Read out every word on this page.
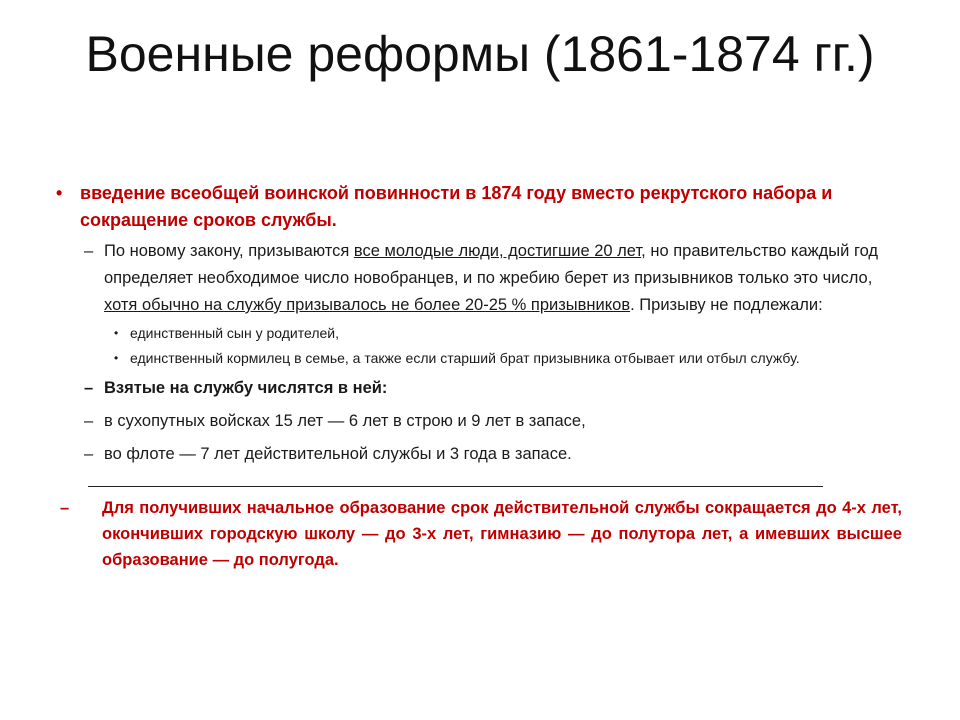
Военные реформы (1861-1874 гг.)
• введение всеобщей воинской повинности в 1874 году вместо рекрутского набора и сокращение сроков службы.
– По новому закону, призываются все молодые люди, достигшие 20 лет, но правительство каждый год определяет необходимое число новобранцев, и по жребию берет из призывников только это число, хотя обычно на службу призывалось не более 20-25 % призывников. Призыву не подлежали:
• единственный сын у родителей,
• единственный кормилец в семье, а также если старший брат призывника отбывает или отбыл службу.
– Взятые на службу числятся в ней:
– в сухопутных войсках 15 лет — 6 лет в строю и 9 лет в запасе,
– во флоте — 7 лет действительной службы и 3 года в запасе.
– Для получивших начальное образование срок действительной службы сокращается до 4-х лет, окончивших городскую школу — до 3-х лет, гимназию — до полутора лет, а имевших высшее образование — до полугода.
